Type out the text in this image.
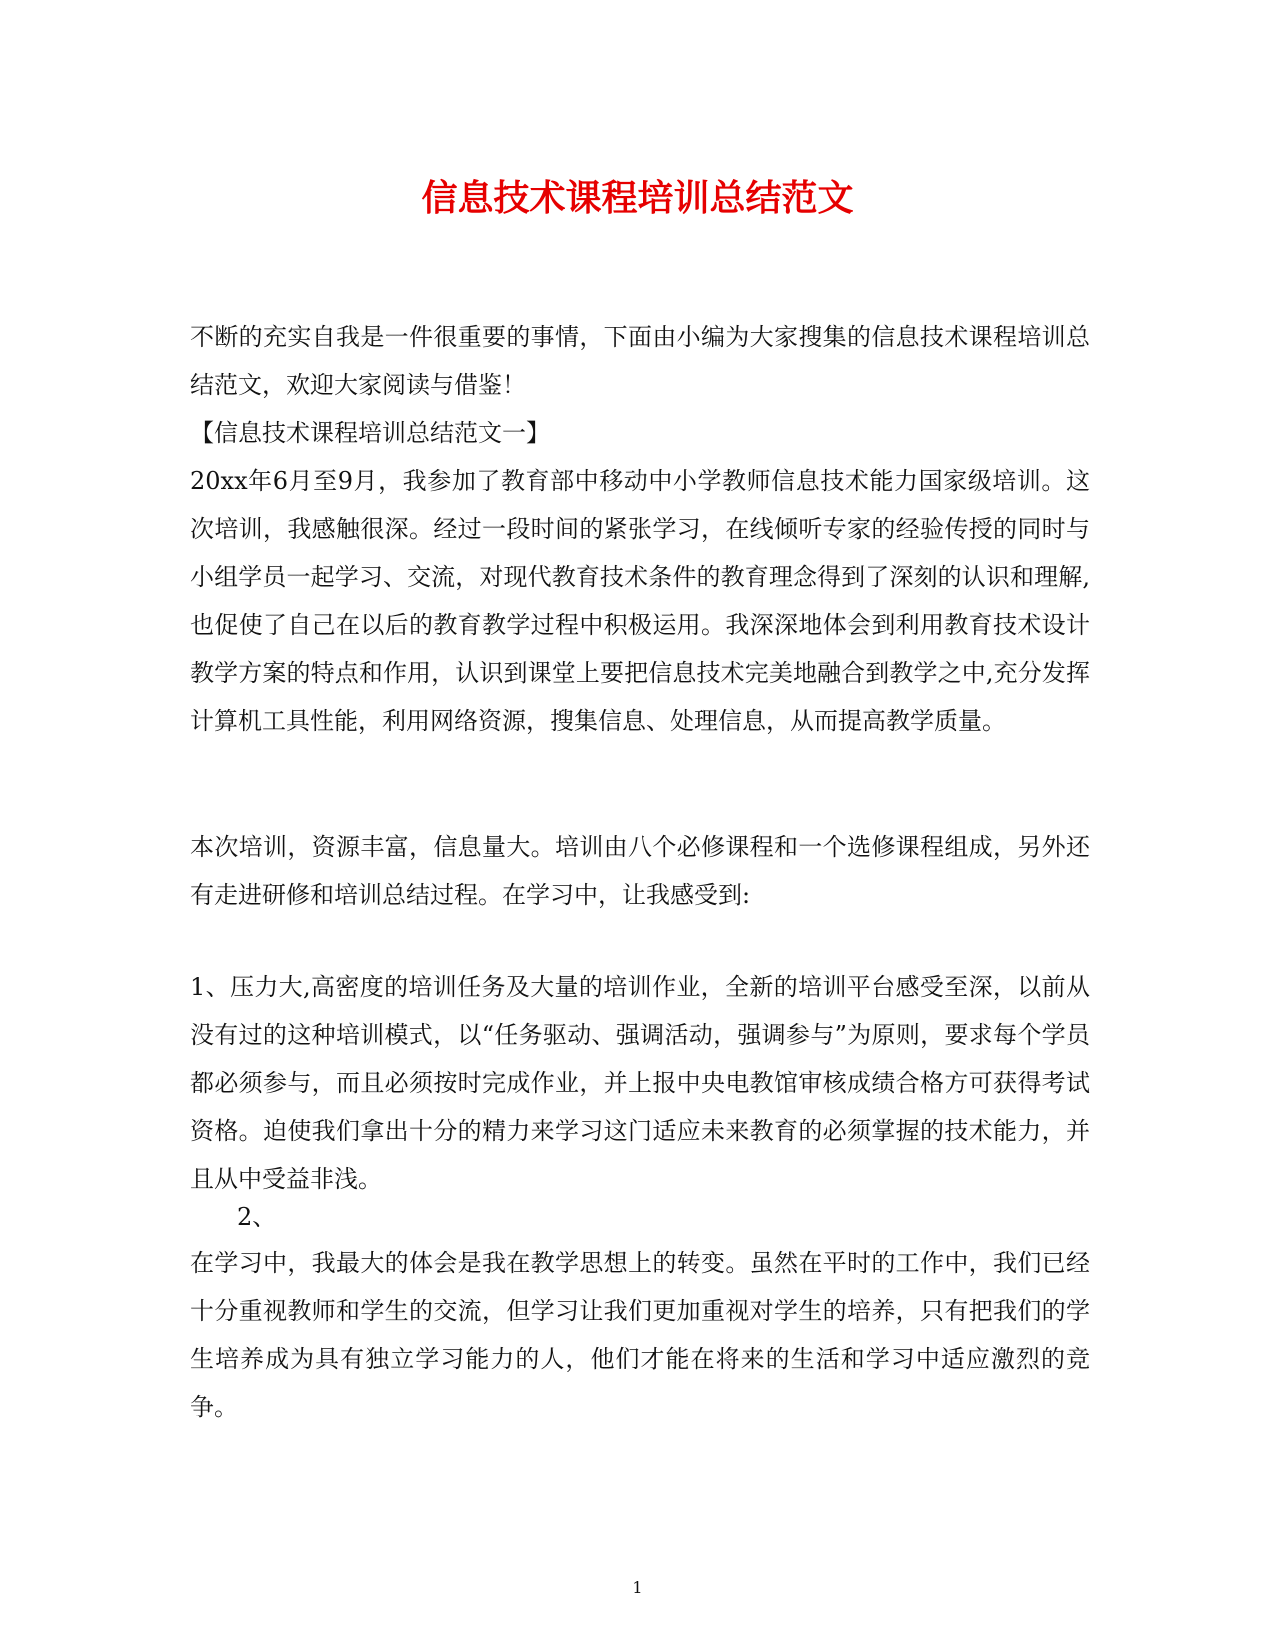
信息技术课程培训总结范文

不断的充实自我是一件很重要的事情，下面由小编为大家搜集的信息技术课程培训总结范文，欢迎大家阅读与借鉴！

【信息技术课程培训总结范文一】

20xx年6月至9月，我参加了教育部中移动中小学教师信息技术能力国家级培训。这次培训，我感触很深。经过一段时间的紧张学习，在线倾听专家的经验传授的同时与小组学员一起学习、交流，对现代教育技术条件的教育理念得到了深刻的认识和理解,也促使了自己在以后的教育教学过程中积极运用。我深深地体会到利用教育技术设计教学方案的特点和作用，认识到课堂上要把信息技术完美地融合到教学之中,充分发挥计算机工具性能，利用网络资源，搜集信息、处理信息，从而提高教学质量。

本次培训，资源丰富，信息量大。培训由八个必修课程和一个选修课程组成，另外还有走进研修和培训总结过程。在学习中，让我感受到:

1、压力大,高密度的培训任务及大量的培训作业，全新的培训平台感受至深，以前从没有过的这种培训模式，以“任务驱动、强调活动，强调参与”为原则，要求每个学员都必须参与，而且必须按时完成作业，并上报中央电教馆审核成绩合格方可获得考试资格。迫使我们拿出十分的精力来学习这门适应未来教育的必须掌握的技术能力，并且从中受益非浅。

2、

在学习中，我最大的体会是我在教学思想上的转变。虽然在平时的工作中，我们已经十分重视教师和学生的交流，但学习让我们更加重视对学生的培养，只有把我们的学生培养成为具有独立学习能力的人，他们才能在将来的生活和学习中适应激烈的竞争。

1
